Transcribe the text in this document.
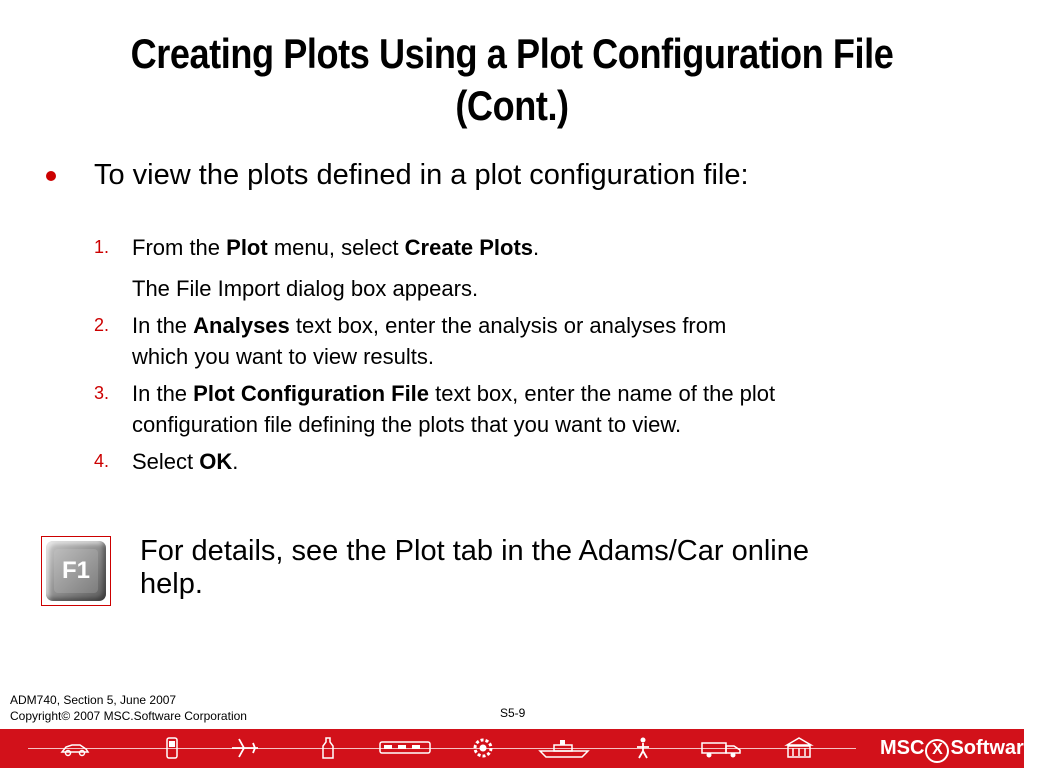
Creating Plots Using a Plot Configuration File
(Cont.)
To view the plots defined in a plot configuration file:
1. From the Plot menu, select Create Plots.
The File Import dialog box appears.
2. In the Analyses text box, enter the analysis or analyses from
which you want to view results.
3. In the Plot Configuration File text box, enter the name of the plot
configuration file defining the plots that you want to view.
4. Select OK.
F1
For details, see the Plot tab in the Adams/Car online
help.
ADM740, Section 5, June 2007
Copyright© 2007 MSC.Software Corporation	S5-9
MSC X Software®
